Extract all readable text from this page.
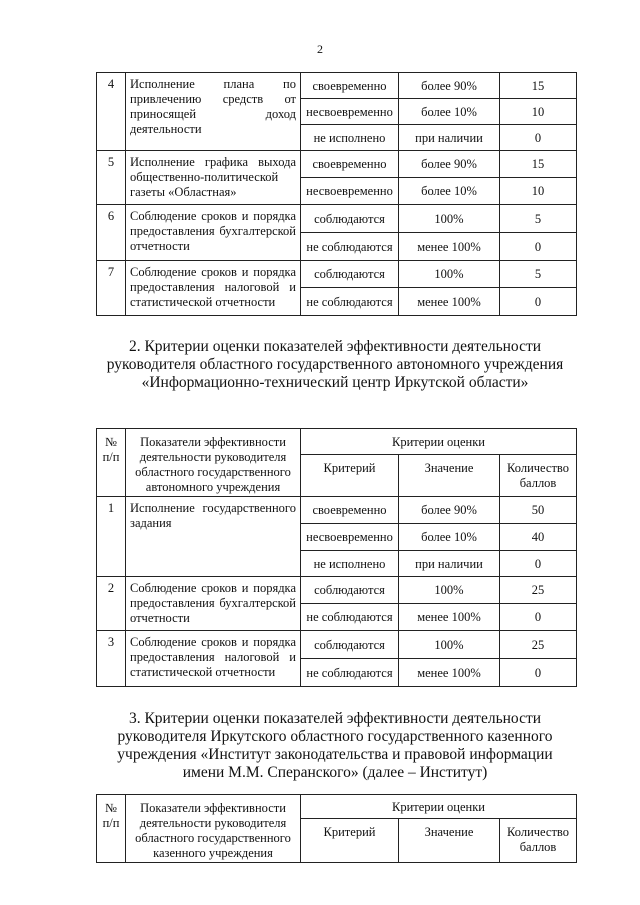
2
4	Исполнение плана по привлечению средств от приносящей доход деятельности	своевременно	более 90%	15
		несвоевременно	более 10%	10
		не исполнено	при наличии	0
5	Исполнение графика выхода общественно-политической газеты «Областная»	своевременно	более 90%	15
		несвоевременно	более 10%	10
6	Соблюдение сроков и порядка предоставления бухгалтерской отчетности	соблюдаются	100%	5
		не соблюдаются	менее 100%	0
7	Соблюдение сроков и порядка предоставления налоговой и статистической отчетности	соблюдаются	100%	5
		не соблюдаются	менее 100%	0
2. Критерии оценки показателей эффективности деятельности руководителя областного государственного автономного учреждения «Информационно-технический центр Иркутской области»
№ п/п	Показатели эффективности деятельности руководителя областного государственного автономного учреждения	Критерии оценки		
		Критерий	Значение	Количество баллов
1	Исполнение государственного задания	своевременно	более 90%	50
		несвоевременно	более 10%	40
		не исполнено	при наличии	0
2	Соблюдение сроков и порядка предоставления бухгалтерской отчетности	соблюдаются	100%	25
		не соблюдаются	менее 100%	0
3	Соблюдение сроков и порядка предоставления налоговой и статистической отчетности	соблюдаются	100%	25
		не соблюдаются	менее 100%	0
3. Критерии оценки показателей эффективности деятельности руководителя Иркутского областного государственного казенного учреждения «Институт законодательства и правовой информации имени М.М. Сперанского» (далее – Институт)
№ п/п	Показатели эффективности деятельности руководителя областного государственного казенного учреждения	Критерии оценки		
		Критерий	Значение	Количество баллов
